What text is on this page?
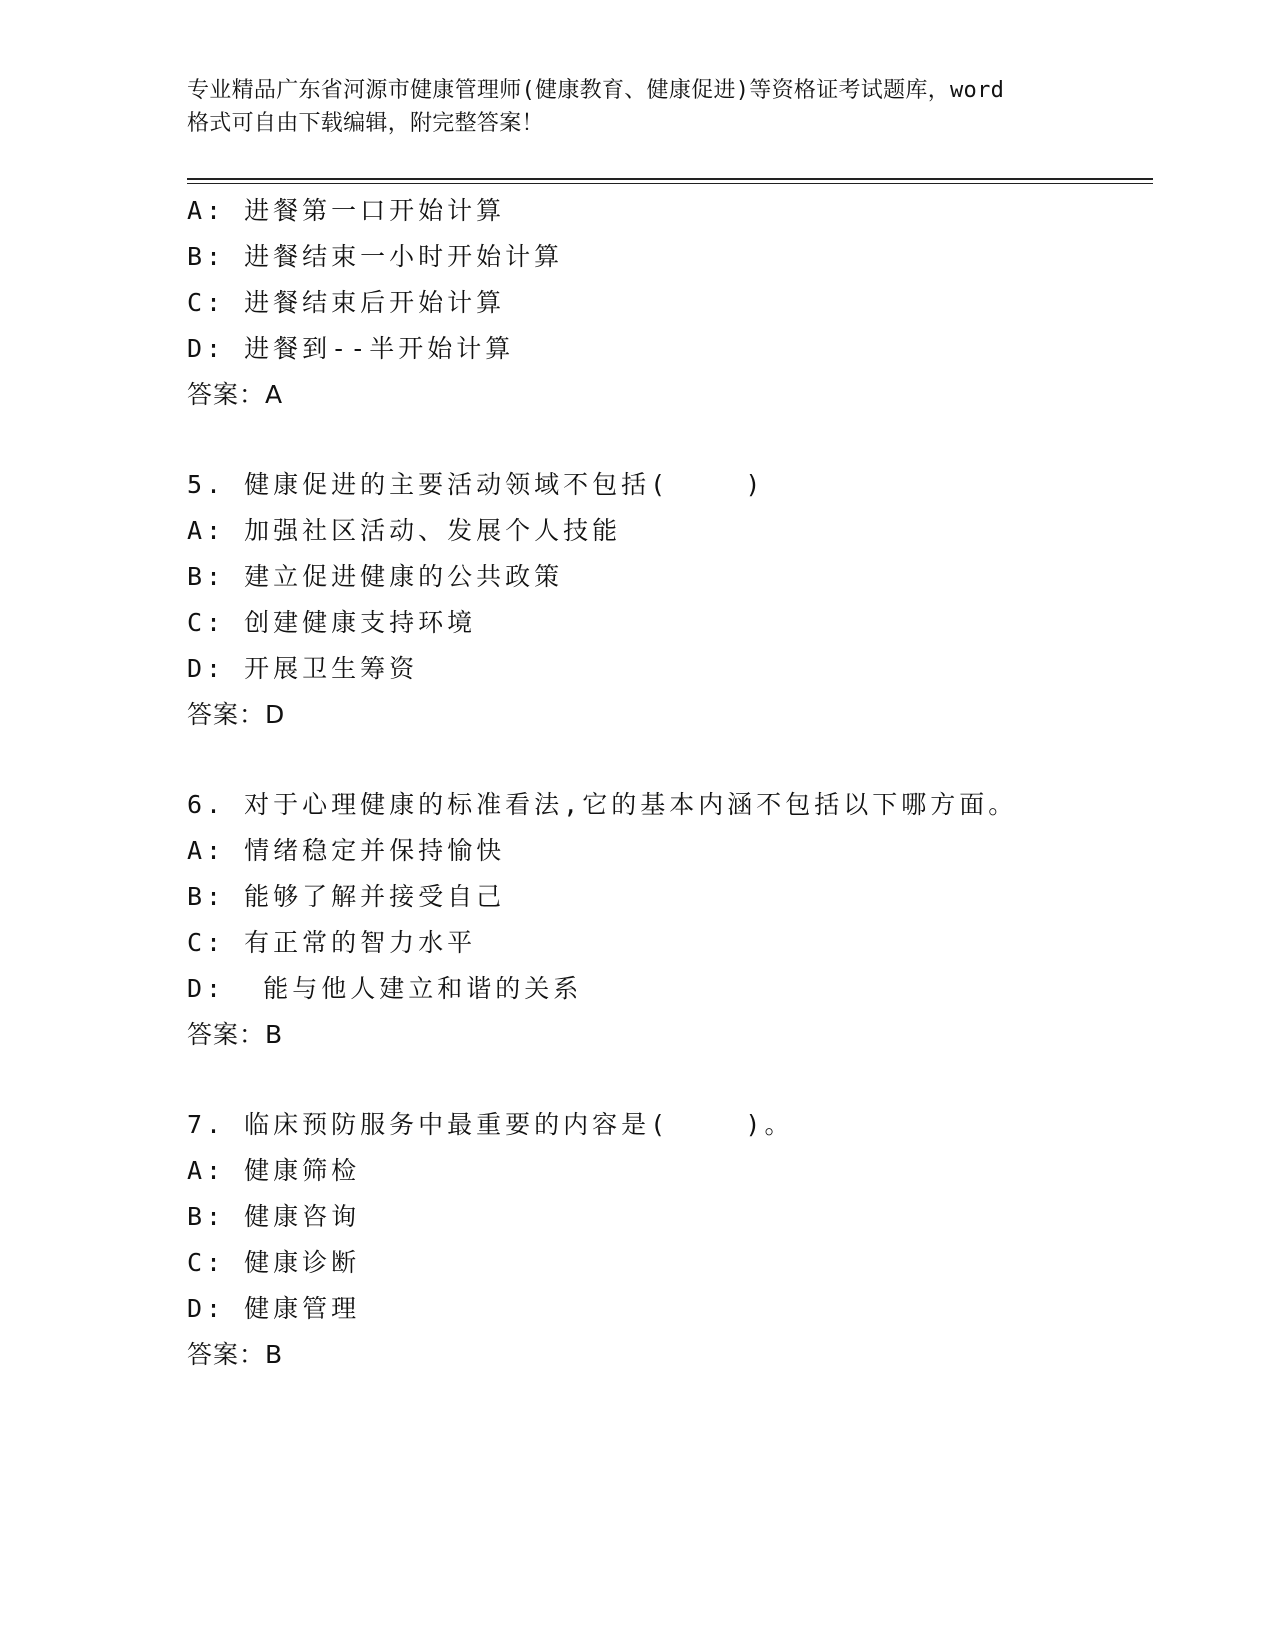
专业精品广东省河源市健康管理师(健康教育、健康促进)等资格证考试题库，word
格式可自由下载编辑，附完整答案！
A: 进餐第一口开始计算
B: 进餐结束一小时开始计算
C: 进餐结束后开始计算
D: 进餐到--半开始计算
答案：A
5. 健康促进的主要活动领域不包括(    )
A: 加强社区活动、发展个人技能
B: 建立促进健康的公共政策
C: 创建健康支持环境
D: 开展卫生筹资
答案：D
6. 对于心理健康的标准看法,它的基本内涵不包括以下哪方面。
A: 情绪稳定并保持愉快
B: 能够了解并接受自己
C: 有正常的智力水平
D:  能与他人建立和谐的关系
答案：B
7. 临床预防服务中最重要的内容是(    )。
A: 健康筛检
B: 健康咨询
C: 健康诊断
D: 健康管理
答案：B
